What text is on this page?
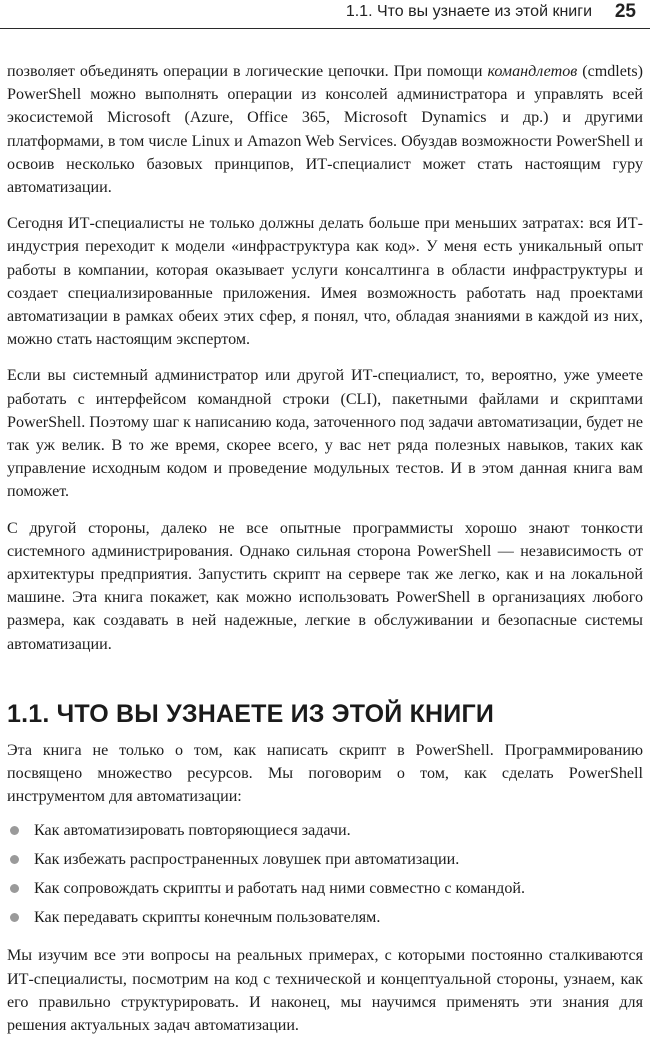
1.1. Что вы узнаете из этой книги 25

позволяет объединять операции в логические цепочки. При помощи командлетов (cmdlets) PowerShell можно выполнять операции из консолей администратора и управлять всей экосистемой Microsoft (Azure, Office 365, Microsoft Dynamics и др.) и другими платформами, в том числе Linux и Amazon Web Services. Обуздав возможности PowerShell и освоив несколько базовых принципов, ИТ-специалист может стать настоящим гуру автоматизации.

Сегодня ИТ-специалисты не только должны делать больше при меньших затратах: вся ИТ-индустрия переходит к модели «инфраструктура как код». У меня есть уникальный опыт работы в компании, которая оказывает услуги консалтинга в области инфраструктуры и создает специализированные приложения. Имея возможность работать над проектами автоматизации в рамках обеих этих сфер, я понял, что, обладая знаниями в каждой из них, можно стать настоящим экспертом.

Если вы системный администратор или другой ИТ-специалист, то, вероятно, уже умеете работать с интерфейсом командной строки (CLI), пакетными файлами и скриптами PowerShell. Поэтому шаг к написанию кода, заточенного под задачи автоматизации, будет не так уж велик. В то же время, скорее всего, у вас нет ряда полезных навыков, таких как управление исходным кодом и проведение модульных тестов. И в этом данная книга вам поможет.

С другой стороны, далеко не все опытные программисты хорошо знают тонкости системного администрирования. Однако сильная сторона PowerShell — независимость от архитектуры предприятия. Запустить скрипт на сервере так же легко, как и на локальной машине. Эта книга покажет, как можно использовать PowerShell в организациях любого размера, как создавать в ней надежные, легкие в обслуживании и безопасные системы автоматизации.

1.1. ЧТО ВЫ УЗНАЕТЕ ИЗ ЭТОЙ КНИГИ

Эта книга не только о том, как написать скрипт в PowerShell. Программированию посвящено множество ресурсов. Мы поговорим о том, как сделать PowerShell инструментом для автоматизации:

Как автоматизировать повторяющиеся задачи.
Как избежать распространенных ловушек при автоматизации.
Как сопровождать скрипты и работать над ними совместно с командой.
Как передавать скрипты конечным пользователям.

Мы изучим все эти вопросы на реальных примерах, с которыми постоянно сталкиваются ИТ-специалисты, посмотрим на код с технической и концептуальной стороны, узнаем, как его правильно структурировать. И наконец, мы научимся применять эти знания для решения актуальных задач автоматизации.
